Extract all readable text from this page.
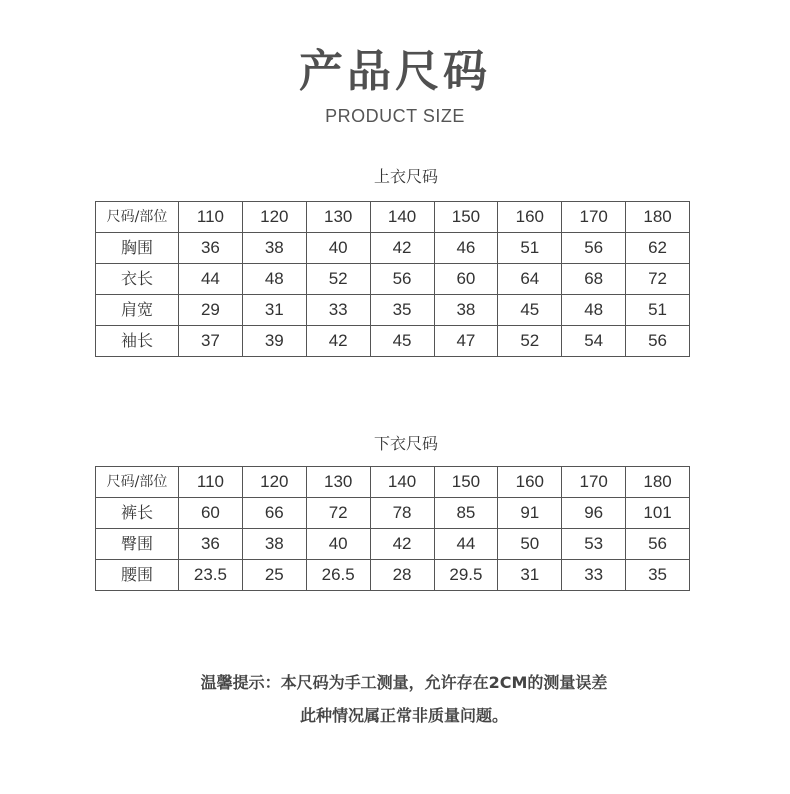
产品尺码
PRODUCT SIZE
上衣尺码
尺码/部位	110	120	130	140	150	160	170	180
胸围	36	38	40	42	46	51	56	62
衣长	44	48	52	56	60	64	68	72
肩宽	29	31	33	35	38	45	48	51
袖长	37	39	42	45	47	52	54	56
下衣尺码
尺码/部位	110	120	130	140	150	160	170	180
裤长	60	66	72	78	85	91	96	101
臀围	36	38	40	42	44	50	53	56
腰围	23.5	25	26.5	28	29.5	31	33	35
温馨提示：本尺码为手工测量，允许存在2CM的测量误差
此种情况属正常非质量问题。
